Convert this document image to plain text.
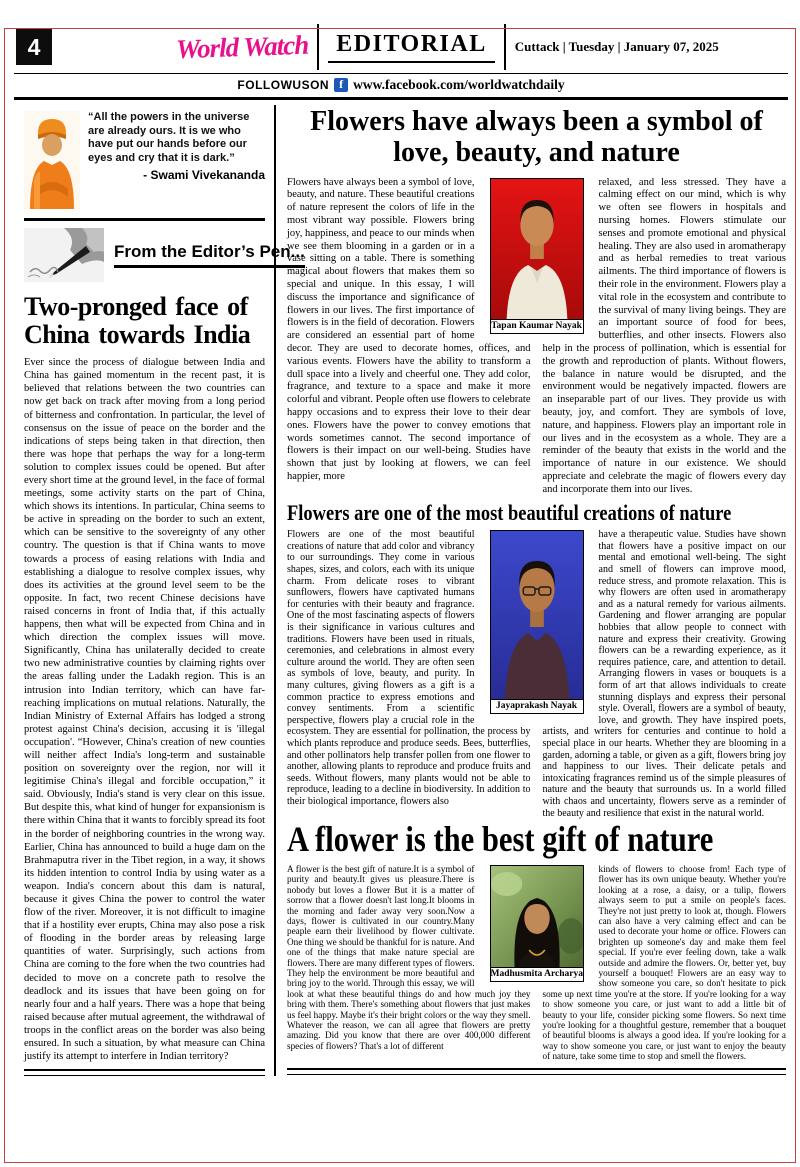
4	World Watch	EDITORIAL	Cuttack | Tuesday | January 07, 2025
FOLLOWUSON f www.facebook.com/worldwatchdaily
“All the powers in the universe are already ours. It is we who have put our hands before our eyes and cry that it is dark.”
- Swami Vivekananda
From the Editor’s Pen...
Two-pronged face of China towards India
Ever since the process of dialogue between India and China has gained momentum in the recent past, it is believed that relations between the two countries can now get back on track after moving from a long period of bitterness and confrontation. In particular, the level of consensus on the issue of peace on the border and the indications of steps being taken in that direction, then there was hope that perhaps the way for a long-term solution to complex issues could be opened. But after every short time at the ground level, in the face of formal meetings, some activity starts on the part of China, which shows its intentions. In particular, China seems to be active in spreading on the border to such an extent, which can be sensitive to the sovereignty of any other country. The question is that if China wants to move towards a process of easing relations with India and establishing a dialogue to resolve complex issues, why does its activities at the ground level seem to be the opposite. In fact, two recent Chinese decisions have raised concerns in front of India that, if this actually happens, then what will be expected from China and in which direction the complex issues will move. Significantly, China has unilaterally decided to create two new administrative counties by claiming rights over the areas falling under the Ladakh region. This is an intrusion into Indian territory, which can have far-reaching implications on mutual relations. Naturally, the Indian Ministry of External Affairs has lodged a strong protest against China's decision, accusing it is 'illegal occupation'. “However, China's creation of new counties will neither affect India's long-term and sustainable position on sovereignty over the region, nor will it legitimise China's illegal and forcible occupation,” it said. Obviously, India's stand is very clear on this issue. But despite this, what kind of hunger for expansionism is there within China that it wants to forcibly spread its foot in the border of neighboring countries in the wrong way. Earlier, China has announced to build a huge dam on the Brahmaputra river in the Tibet region, in a way, it shows its hidden intention to control India by using water as a weapon. India's concern about this dam is natural, because it gives China the power to control the water flow of the river. Moreover, it is not difficult to imagine that if a hostility ever erupts, China may also pose a risk of flooding in the border areas by releasing large quantities of water. Surprisingly, such actions from China are coming to the fore when the two countries had decided to move on a concrete path to resolve the deadlock and its issues that have been going on for nearly four and a half years. There was a hope that being raised because after mutual agreement, the withdrawal of troops in the conflict areas on the border was also being ensured. In such a situation, by what measure can China justify its attempt to interfere in Indian territory?
Flowers have always been a symbol of love, beauty, and nature
Tapan Kaumar Nayak

Flowers have always been a symbol of love, beauty, and nature. These beautiful creations of nature represent the colors of life in the most vibrant way possible. Flowers bring joy, happiness, and peace to our minds when we see them blooming in a garden or in a vase sitting on a table. There is something magical about flowers that makes them so special and unique. In this essay, I will discuss the importance and significance of flowers in our lives. The first importance of flowers is in the field of decoration. Flowers are considered an essential part of home decor. They are used to decorate homes, offices, and various events. Flowers have the ability to transform a dull space into a lively and cheerful one. They add color, fragrance, and texture to a space and make it more colorful and vibrant. People often use flowers to celebrate happy occasions and to express their love to their dear ones. Flowers have the power to convey emotions that words sometimes cannot. The second importance of flowers is their impact on our well-being. Studies have shown that just by looking at flowers, we can feel happier, more

relaxed, and less stressed. They have a calming effect on our mind, which is why we often see flowers in hospitals and nursing homes. Flowers stimulate our senses and promote emotional and physical healing. They are also used in aromatherapy and as herbal remedies to treat various ailments. The third importance of flowers is their role in the environment. Flowers play a vital role in the ecosystem and contribute to the survival of many living beings. They are an important source of food for bees, butterflies, and other insects. Flowers also help in the process of pollination, which is essential for the growth and reproduction of plants. Without flowers, the balance in nature would be disrupted, and the environment would be negatively impacted. flowers are an inseparable part of our lives. They provide us with beauty, joy, and comfort. They are symbols of love, nature, and happiness. Flowers play an important role in our lives and in the ecosystem as a whole. They are a reminder of the beauty that exists in the world and the importance of nature in our existence. We should appreciate and celebrate the magic of flowers every day and incorporate them into our lives.

Flowers are one of the most beautiful creations of nature
Jayaprakash Nayak

Flowers are one of the most beautiful creations of nature that add color and vibrancy to our surroundings. They come in various shapes, sizes, and colors, each with its unique charm. From delicate roses to vibrant sunflowers, flowers have captivated humans for centuries with their beauty and fragrance. One of the most fascinating aspects of flowers is their significance in various cultures and traditions. Flowers have been used in rituals, ceremonies, and celebrations in almost every culture around the world. They are often seen as symbols of love, beauty, and purity. In many cultures, giving flowers as a gift is a common practice to express emotions and convey sentiments. From a scientific perspective, flowers play a crucial role in the ecosystem. They are essential for pollination, the process by which plants reproduce and produce seeds. Bees, butterflies, and other pollinators help transfer pollen from one flower to another, allowing plants to reproduce and produce fruits and seeds. Without flowers, many plants would not be able to reproduce, leading to a decline in biodiversity. In addition to their biological importance, flowers also

have a therapeutic value. Studies have shown that flowers have a positive impact on our mental and emotional well-being. The sight and smell of flowers can improve mood, reduce stress, and promote relaxation. This is why flowers are often used in aromatherapy and as a natural remedy for various ailments. Gardening and flower arranging are popular hobbies that allow people to connect with nature and express their creativity. Growing flowers can be a rewarding experience, as it requires patience, care, and attention to detail. Arranging flowers in vases or bouquets is a form of art that allows individuals to create stunning displays and express their personal style. Overall, flowers are a symbol of beauty, love, and growth. They have inspired poets, artists, and writers for centuries and continue to hold a special place in our hearts. Whether they are blooming in a garden, adorning a table, or given as a gift, flowers bring joy and happiness to our lives. Their delicate petals and intoxicating fragrances remind us of the simple pleasures of nature and the beauty that surrounds us. In a world filled with chaos and uncertainty, flowers serve as a reminder of the beauty and resilience that exist in the natural world.

A flower is the best gift of nature
Madhusmita Archarya

A flower is the best gift of nature.It is a symbol of purity and beauty.It gives us pleasure.There is nobody but loves a flower But it is a matter of sorrow that a flower doesn't last long.It blooms in the morning and fader away very soon.Now a days, flower is cultivated in our country.Many peaple earn their livelihood by flower cultivate. One thing we should be thankful for is nature. And one of the things that make nature special are flowers. There are many different types of flowers. They help the environment be more beautiful and bring joy to the world. Through this essay, we will look at what these beautiful things do and how much joy they bring with them. There's something about flowers that just makes us feel happy. Maybe it's their bright colors or the way they smell. Whatever the reason, we can all agree that flowers are pretty amazing. Did you know that there are over 400,000 different species of flowers? That's a lot of different

kinds of flowers to choose from! Each type of flower has its own unique beauty. Whether you're looking at a rose, a daisy, or a tulip, flowers always seem to put a smile on people's faces. They're not just pretty to look at, though. Flowers can also have a very calming effect and can be used to decorate your home or office. Flowers can brighten up someone's day and make them feel special. If you're ever feeling down, take a walk outside and admire the flowers. Or, better yet, buy yourself a bouquet! Flowers are an easy way to show someone you care, so don't hesitate to pick some up next time you're at the store. If you're looking for a way to show someone you care, or just want to add a little bit of beauty to your life, consider picking some flowers. So next time you're looking for a thoughtful gesture, remember that a bouquet of beautiful blooms is always a good idea. If you're looking for a way to show someone you care, or just want to enjoy the beauty of nature, take some time to stop and smell the flowers.
